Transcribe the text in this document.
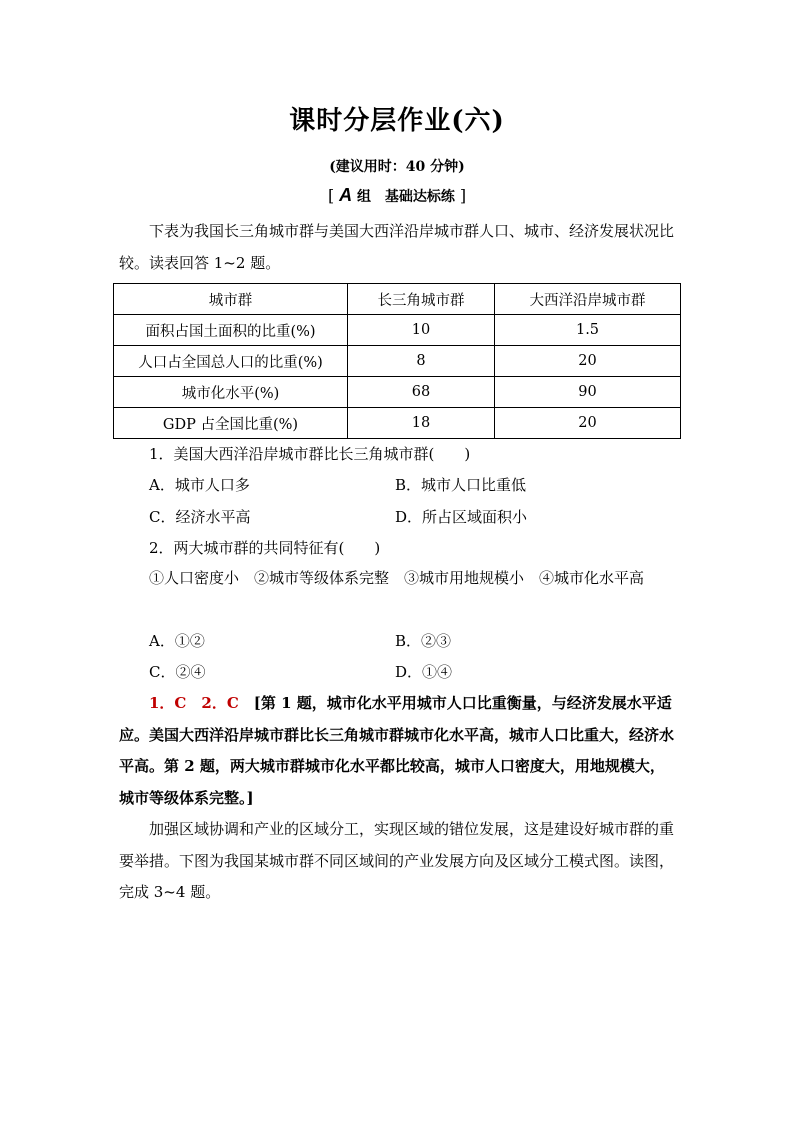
课时分层作业(六)
(建议用时：40 分钟)
[ A 组　基础达标练 ]
下表为我国长三角城市群与美国大西洋沿岸城市群人口、城市、经济发展状况比较。读表回答 1~2 题。
城市群	长三角城市群	大西洋沿岸城市群
面积占国土面积的比重(%)	10	1.5
人口占全国总人口的比重(%)	8	20
城市化水平(%)	68	90
GDP 占全国比重(%)	18	20
1．美国大西洋沿岸城市群比长三角城市群(　　)
A．城市人口多	B．城市人口比重低
C．经济水平高	D．所占区域面积小
2．两大城市群的共同特征有(　　)
①人口密度小　②城市等级体系完整　③城市用地规模小　④城市化水平高
A．①②	B．②③
C．②④	D．①④
1．C　2．C　 [第 1 题，城市化水平用城市人口比重衡量，与经济发展水平适应。美国大西洋沿岸城市群比长三角城市群城市化水平高，城市人口比重大，经济水平高。第 2 题，两大城市群城市化水平都比较高，城市人口密度大，用地规模大，城市等级体系完整。]
加强区域协调和产业的区域分工，实现区域的错位发展，这是建设好城市群的重要举措。下图为我国某城市群不同区域间的产业发展方向及区域分工模式图。读图，完成 3~4 题。
